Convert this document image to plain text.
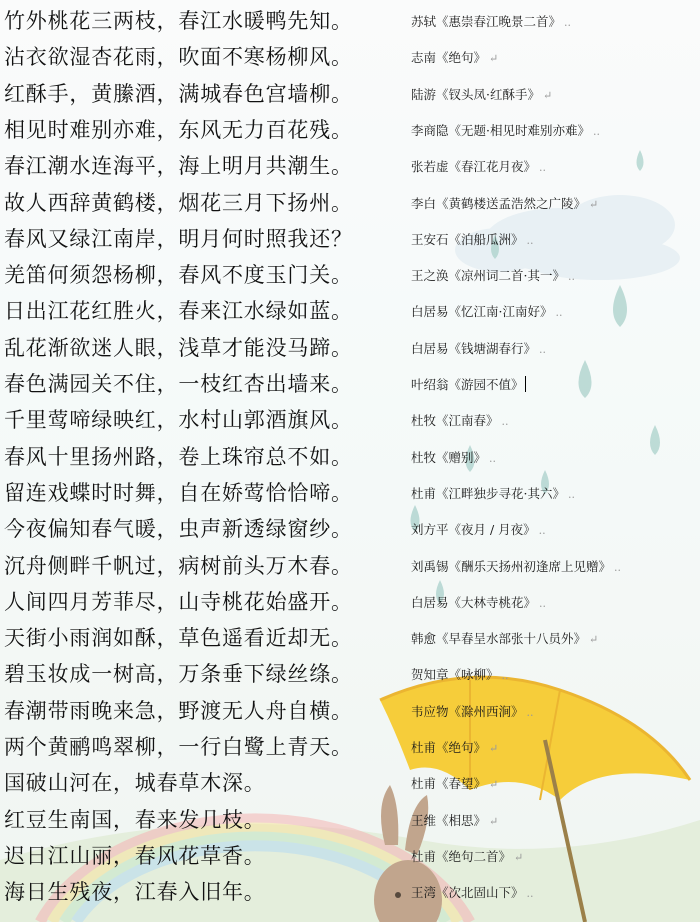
竹外桃花三两枝，春江水暖鸭先知。	苏轼《惠崇春江晚景二首》 ..
沾衣欲湿杏花雨，吹面不寒杨柳风。	志南《绝句》 ↵
红酥手，黄縢酒，满城春色宫墙柳。	陆游《钗头凤·红酥手》 ↵
相见时难别亦难，东风无力百花残。	李商隐《无题·相见时难别亦难》 ..
春江潮水连海平，海上明月共潮生。	张若虚《春江花月夜》 ..
故人西辞黄鹤楼，烟花三月下扬州。	李白《黄鹤楼送孟浩然之广陵》 ↵
春风又绿江南岸，明月何时照我还？	王安石《泊船瓜洲》 ..
羌笛何须怨杨柳，春风不度玉门关。	王之涣《凉州词二首·其一》 ..
日出江花红胜火，春来江水绿如蓝。	白居易《忆江南·江南好》 ..
乱花渐欲迷人眼，浅草才能没马蹄。	白居易《钱塘湖春行》 ..
春色满园关不住，一枝红杏出墙来。	叶绍翁《游园不值》
千里莺啼绿映红，水村山郭酒旗风。	杜牧《江南春》 ..
春风十里扬州路，卷上珠帘总不如。	杜牧《赠别》 ..
留连戏蝶时时舞，自在娇莺恰恰啼。	杜甫《江畔独步寻花·其六》 ..
今夜偏知春气暖，虫声新透绿窗纱。	刘方平《夜月 / 月夜》 ..
沉舟侧畔千帆过，病树前头万木春。	刘禹锡《酬乐天扬州初逢席上见赠》 ..
人间四月芳菲尽，山寺桃花始盛开。	白居易《大林寺桃花》 ..
天街小雨润如酥，草色遥看近却无。	韩愈《早春呈水部张十八员外》 ↵
碧玉妆成一树高，万条垂下绿丝绦。	贺知章《咏柳》 ..
春潮带雨晚来急，野渡无人舟自横。	韦应物《滁州西涧》 ..
两个黄鹂鸣翠柳，一行白鹭上青天。	杜甫《绝句》 ↵
国破山河在，城春草木深。	杜甫《春望》 ↵
红豆生南国，春来发几枝。	王维《相思》 ↵
迟日江山丽，春风花草香。	杜甫《绝句二首》 ↵
海日生残夜，江春入旧年。	王湾《次北固山下》 ..
